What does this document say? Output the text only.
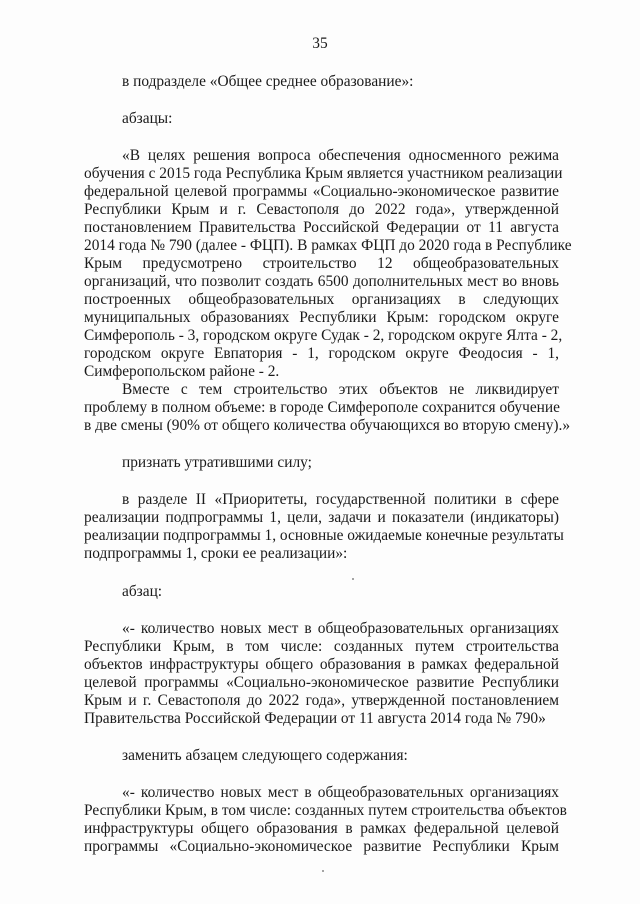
35
в подразделе «Общее среднее образование»:
абзацы:
«В целях решения вопроса обеспечения односменного режима
обучения с 2015 года Республика Крым является участником реализации
федеральной целевой программы «Социально-экономическое развитие
Республики Крым и г. Севастополя до 2022 года», утвержденной
постановлением Правительства Российской Федерации от 11 августа
2014 года № 790 (далее - ФЦП). В рамках ФЦП до 2020 года в Республике
Крым предусмотрено строительство 12 общеобразовательных
организаций, что позволит создать 6500 дополнительных мест во вновь
построенных общеобразовательных организациях в следующих
муниципальных образованиях Республики Крым: городском округе
Симферополь - 3, городском округе Судак - 2, городском округе Ялта - 2,
городском округе Евпатория - 1, городском округе Феодосия - 1,
Симферопольском районе - 2.
Вместе с тем строительство этих объектов не ликвидирует
проблему в полном объеме: в городе Симферополе сохранится обучение
в две смены (90% от общего количества обучающихся во вторую смену).»
признать утратившими силу;
в разделе II «Приоритеты, государственной политики в сфере
реализации подпрограммы 1, цели, задачи и показатели (индикаторы)
реализации подпрограммы 1, основные ожидаемые конечные результаты
подпрограммы 1, сроки ее реализации»:
абзац:
«- количество новых мест в общеобразовательных организациях
Республики Крым, в том числе: созданных путем строительства
объектов инфраструктуры общего образования в рамках федеральной
целевой программы «Социально-экономическое развитие Республики
Крым и г. Севастополя до 2022 года», утвержденной постановлением
Правительства Российской Федерации от 11 августа 2014 года № 790»
заменить абзацем следующего содержания:
«- количество новых мест в общеобразовательных организациях
Республики Крым, в том числе: созданных путем строительства объектов
инфраструктуры общего образования в рамках федеральной целевой
программы «Социально-экономическое развитие Республики Крым
